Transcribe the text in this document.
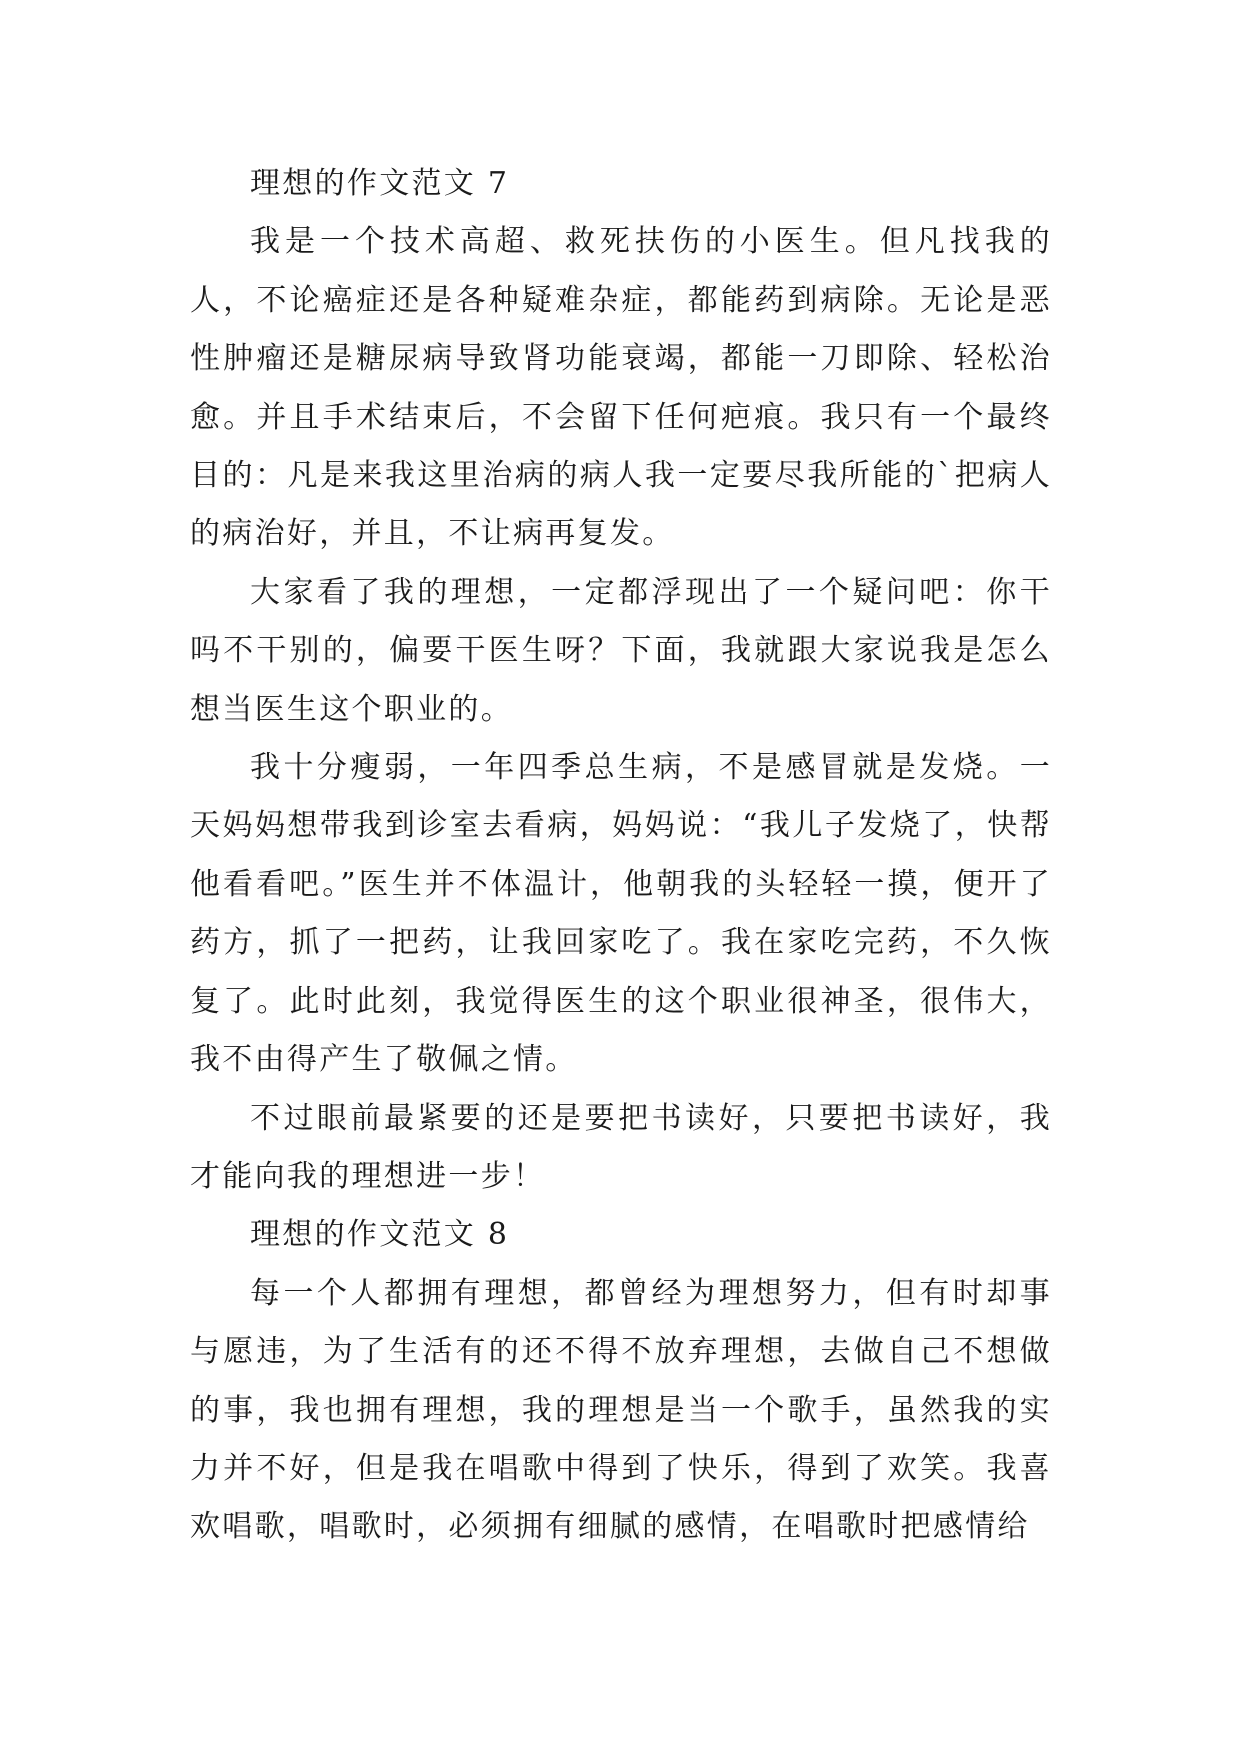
理想的作文范文 7

我是一个技术高超、救死扶伤的小医生。但凡找我的人，不论癌症还是各种疑难杂症，都能药到病除。无论是恶性肿瘤还是糖尿病导致肾功能衰竭，都能一刀即除、轻松治愈。并且手术结束后，不会留下任何疤痕。我只有一个最终目的：凡是来我这里治病的病人我一定要尽我所能的`把病人的病治好，并且，不让病再复发。

大家看了我的理想，一定都浮现出了一个疑问吧：你干吗不干别的，偏要干医生呀？下面，我就跟大家说我是怎么想当医生这个职业的。

我十分瘦弱，一年四季总生病，不是感冒就是发烧。一天妈妈想带我到诊室去看病，妈妈说：“我儿子发烧了，快帮他看看吧。”医生并不体温计，他朝我的头轻轻一摸，便开了药方，抓了一把药，让我回家吃了。我在家吃完药，不久恢复了。此时此刻，我觉得医生的这个职业很神圣，很伟大，我不由得产生了敬佩之情。

不过眼前最紧要的还是要把书读好，只要把书读好，我才能向我的理想进一步！

理想的作文范文 8

每一个人都拥有理想，都曾经为理想努力，但有时却事与愿违，为了生活有的还不得不放弃理想，去做自己不想做的事，我也拥有理想，我的理想是当一个歌手，虽然我的实力并不好，但是我在唱歌中得到了快乐，得到了欢笑。我喜欢唱歌，唱歌时，必须拥有细腻的感情，在唱歌时把感情给
